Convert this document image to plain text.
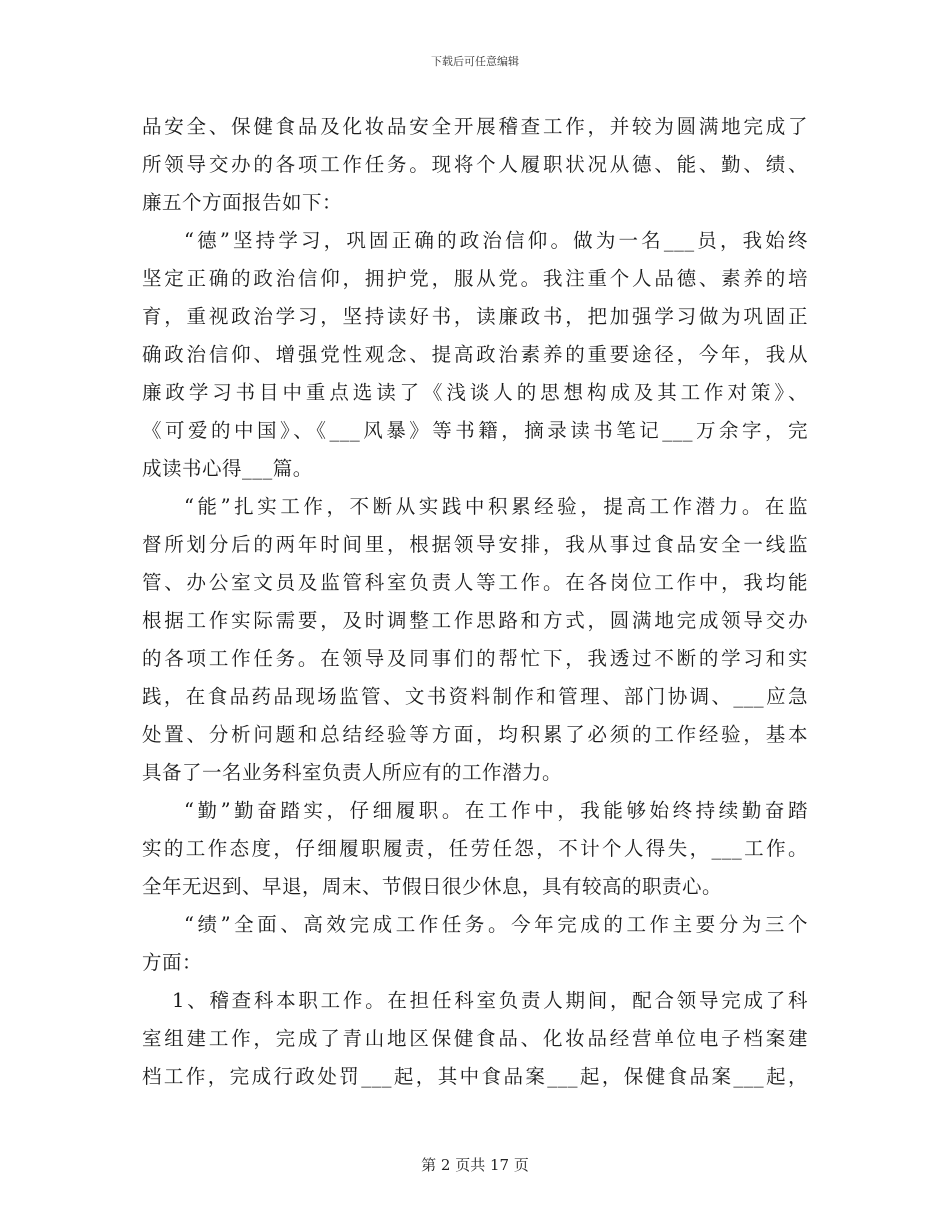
下载后可任意编辑
品安全、保健食品及化妆品安全开展稽查工作，并较为圆满地完成了
所领导交办的各项工作任务。现将个人履职状况从德、能、勤、绩、
廉五个方面报告如下：
“德”坚持学习，巩固正确的政治信仰。做为一名___员，我始终
坚定正确的政治信仰，拥护党，服从党。我注重个人品德、素养的培
育，重视政治学习，坚持读好书，读廉政书，把加强学习做为巩固正
确政治信仰、增强党性观念、提高政治素养的重要途径，今年，我从
廉政学习书目中重点选读了《浅谈人的思想构成及其工作对策》、
《可爱的中国》、《___风暴》等书籍，摘录读书笔记___万余字，完
成读书心得___篇。
“能”扎实工作，不断从实践中积累经验，提高工作潜力。在监
督所划分后的两年时间里，根据领导安排，我从事过食品安全一线监
管、办公室文员及监管科室负责人等工作。在各岗位工作中，我均能
根据工作实际需要，及时调整工作思路和方式，圆满地完成领导交办
的各项工作任务。在领导及同事们的帮忙下，我透过不断的学习和实
践，在食品药品现场监管、文书资料制作和管理、部门协调、___应急
处置、分析问题和总结经验等方面，均积累了必须的工作经验，基本
具备了一名业务科室负责人所应有的工作潜力。
“勤”勤奋踏实，仔细履职。在工作中，我能够始终持续勤奋踏
实的工作态度，仔细履职履责，任劳任怨，不计个人得失，___工作。
全年无迟到、早退，周末、节假日很少休息，具有较高的职责心。
“绩”全面、高效完成工作任务。今年完成的工作主要分为三个
方面：
1、稽查科本职工作。在担任科室负责人期间，配合领导完成了科
室组建工作，完成了青山地区保健食品、化妆品经营单位电子档案建
档工作，完成行政处罚___起，其中食品案___起，保健食品案___起，
第 2 页共 17 页
